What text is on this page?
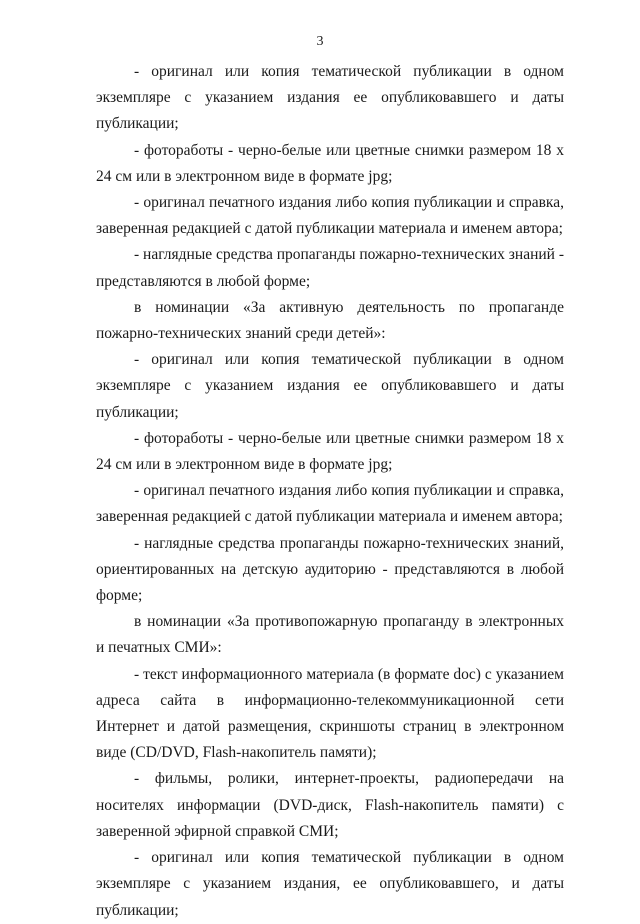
3

- оригинал или копия тематической публикации в одном экземпляре с указанием издания ее опубликовавшего и даты публикации;

- фотоработы - черно-белые или цветные снимки размером 18 х 24 см или в электронном виде в формате jpg;

- оригинал печатного издания либо копия публикации и справка, заверенная редакцией с датой публикации материала и именем автора;

- наглядные средства пропаганды пожарно-технических знаний - представляются в любой форме;

в номинации «За активную деятельность по пропаганде пожарно-технических знаний среди детей»:

- оригинал или копия тематической публикации в одном экземпляре с указанием издания ее опубликовавшего и даты публикации;

- фотоработы - черно-белые или цветные снимки размером 18 х 24 см или в электронном виде в формате jpg;

- оригинал печатного издания либо копия публикации и справка, заверенная редакцией с датой публикации материала и именем автора;

- наглядные средства пропаганды пожарно-технических знаний, ориентированных на детскую аудиторию - представляются в любой форме;

в номинации «За противопожарную пропаганду в электронных и печатных СМИ»:

- текст информационного материала (в формате doc) с указанием адреса сайта в информационно-телекоммуникационной сети Интернет и датой размещения, скриншоты страниц в электронном виде (CD/DVD, Flash-накопитель памяти);

- фильмы, ролики, интернет-проекты, радиопередачи на носителях информации (DVD-диск, Flash-накопитель памяти) с заверенной эфирной справкой СМИ;

- оригинал или копия тематической публикации в одном экземпляре с указанием издания, ее опубликовавшего, и даты публикации;
